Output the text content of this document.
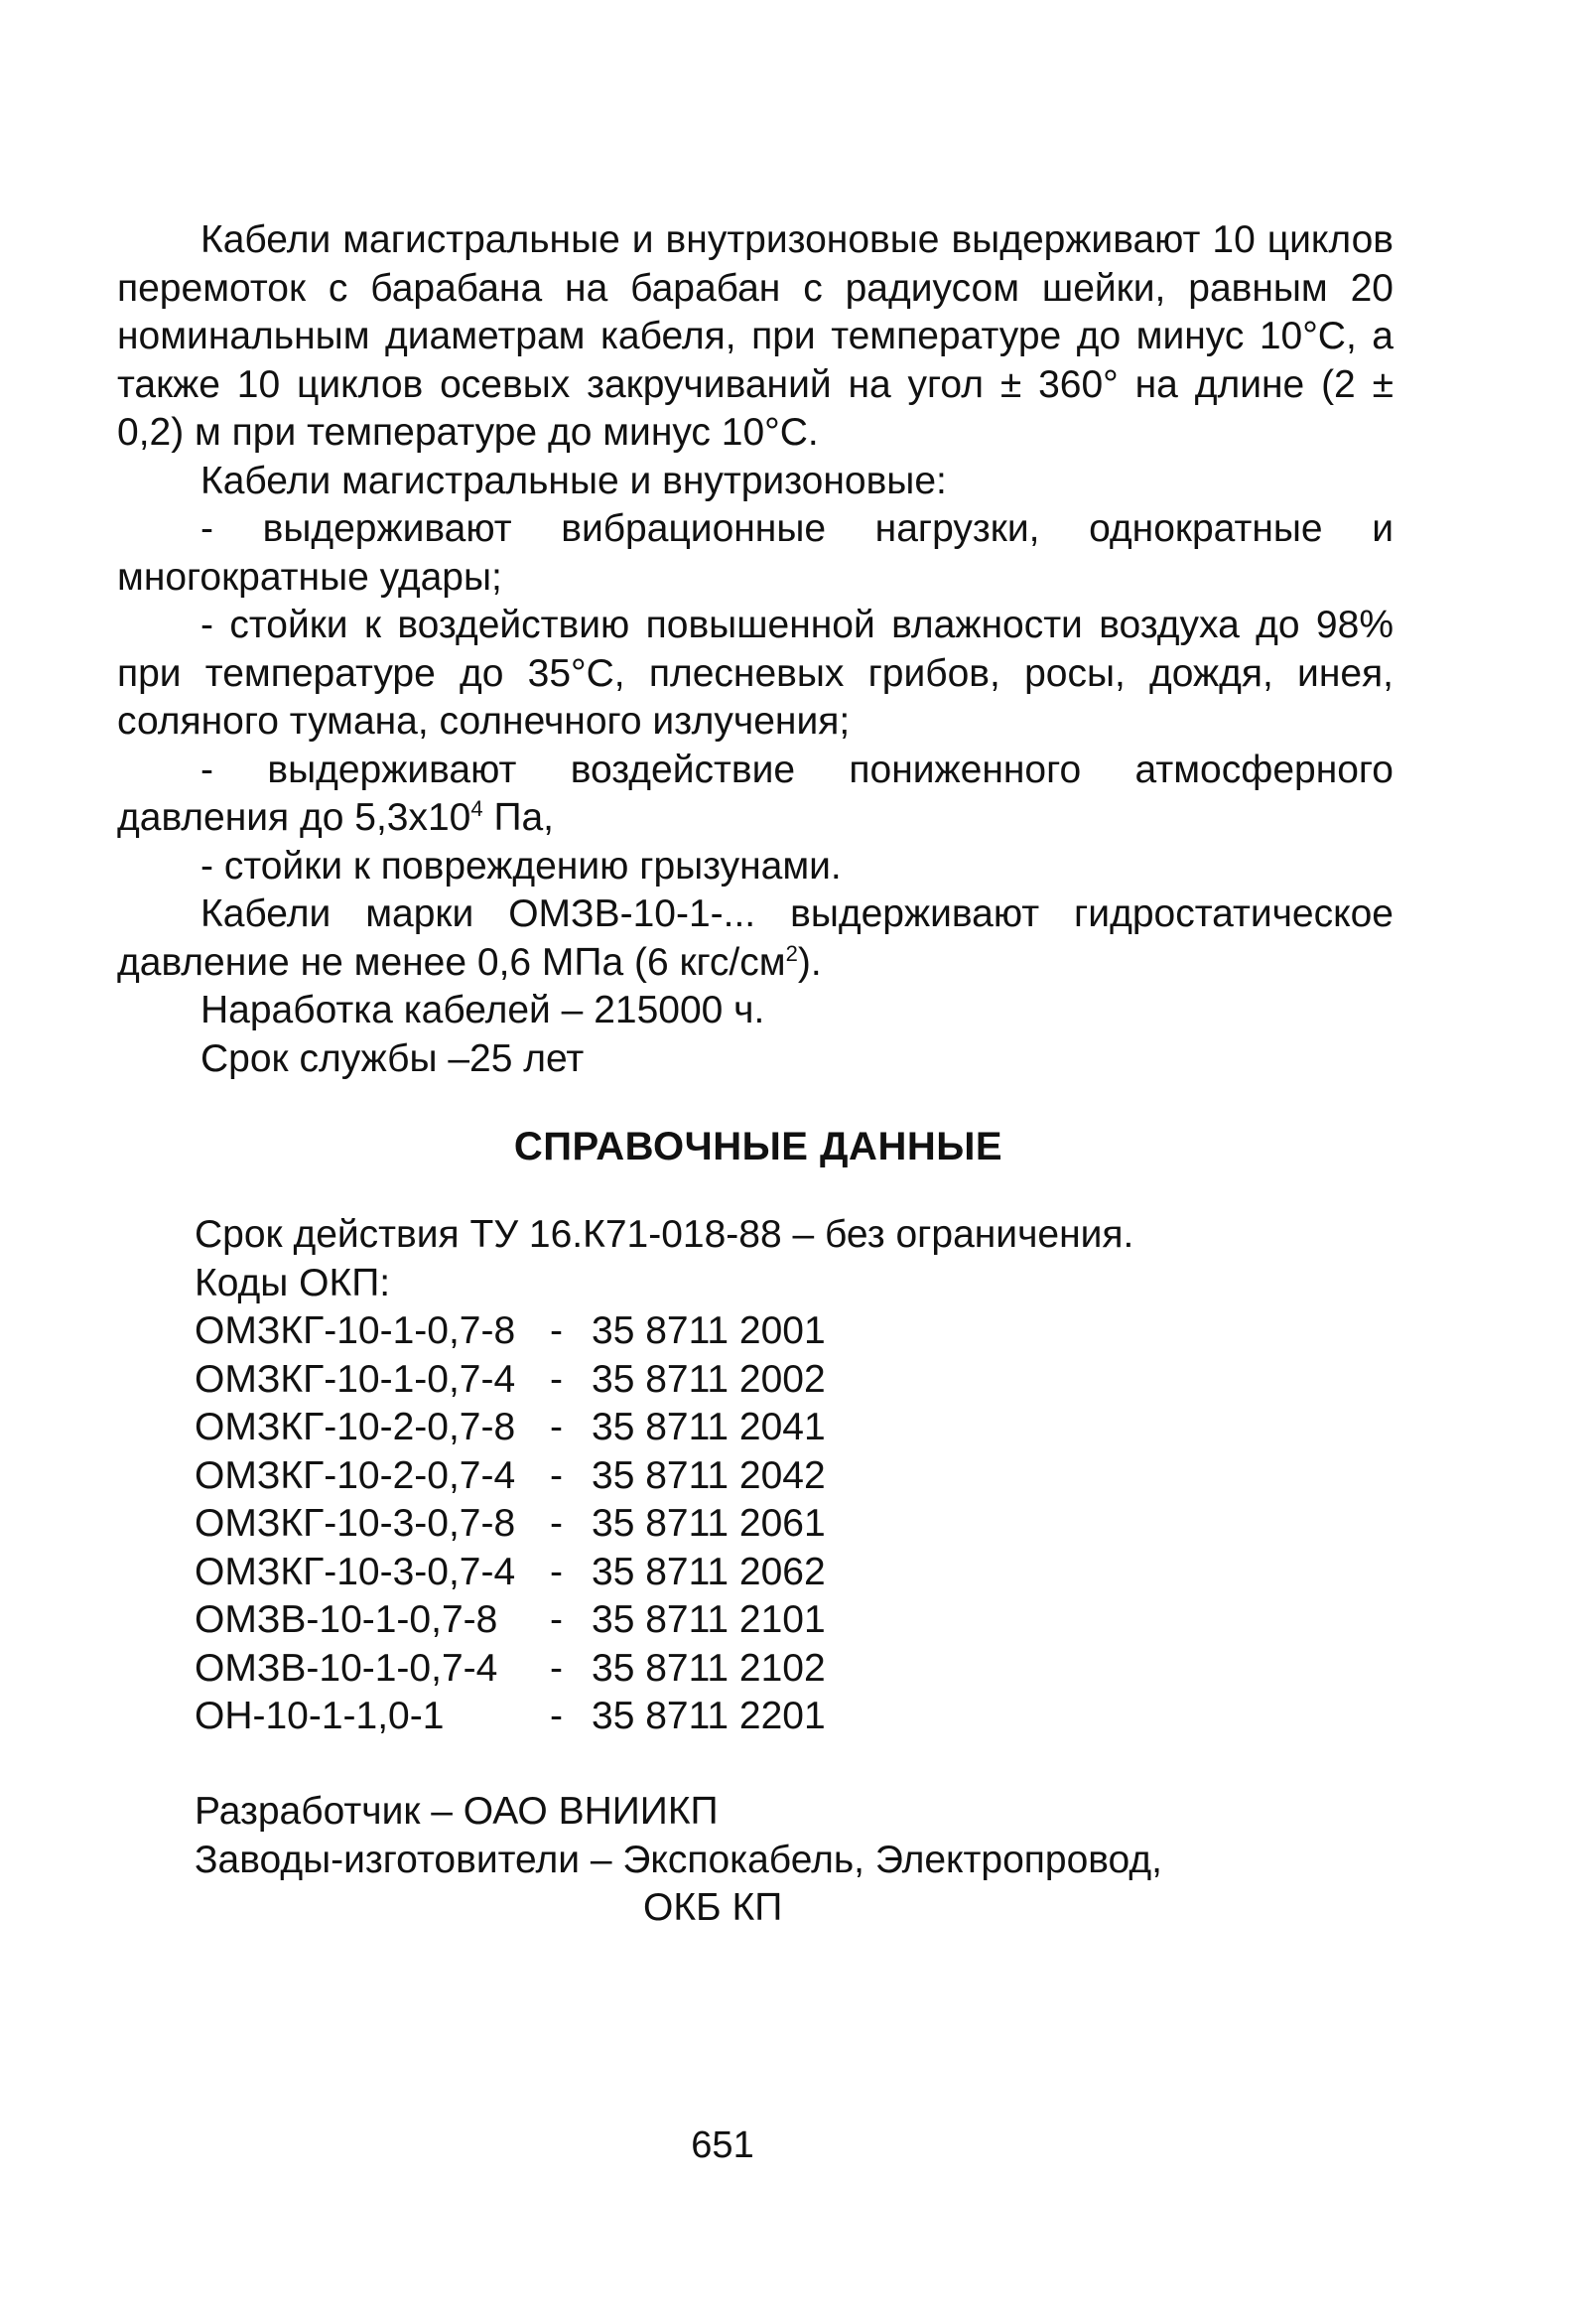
Кабели магистральные и внутризоновые выдерживают 10 циклов перемоток с барабана на барабан с радиусом шейки, равным 20 номинальным диаметрам кабеля, при температуре до минус 10°С, а также 10 циклов осевых закручиваний на угол ± 360° на длине (2 ± 0,2) м при температуре до минус 10°С.

Кабели магистральные и внутризоновые:

- выдерживают вибрационные нагрузки, однократные и многократные удары;

- стойки к воздействию повышенной влажности воздуха до 98% при температуре до 35°С, плесневых грибов, росы, дождя, инея, соляного тумана, солнечного излучения;

- выдерживают воздействие пониженного атмосферного давления до $5,3х10^4$ Па,

- стойки к повреждению грызунами.

Кабели марки ОМЗВ-10-1-... выдерживают гидростатическое давление не менее 0,6 МПа (6 кгс/$см^2$).

Наработка кабелей – 215000 ч.

Срок службы –25 лет

СПРАВОЧНЫЕ ДАННЫЕ
Срок действия ТУ 16.К71-018-88 – без ограничения.
Коды ОКП:
ОМЗКГ-10-1-0,7-8 - 35 8711 2001
ОМЗКГ-10-1-0,7-4 - 35 8711 2002
ОМЗКГ-10-2-0,7-8 - 35 8711 2041
ОМЗКГ-10-2-0,7-4 - 35 8711 2042
ОМЗКГ-10-3-0,7-8 - 35 8711 2061
ОМЗКГ-10-3-0,7-4 - 35 8711 2062
ОМЗВ-10-1-0,7-8	- 35 8711 2101
ОМЗВ-10-1-0,7-4	- 35 8711 2102
ОН-10-1-1,0-1	- 35 8711 2201
Разработчик – ОАО ВНИИКП
Заводы-изготовители – Экспокабель, Электропровод,
ОКБ КП
651
